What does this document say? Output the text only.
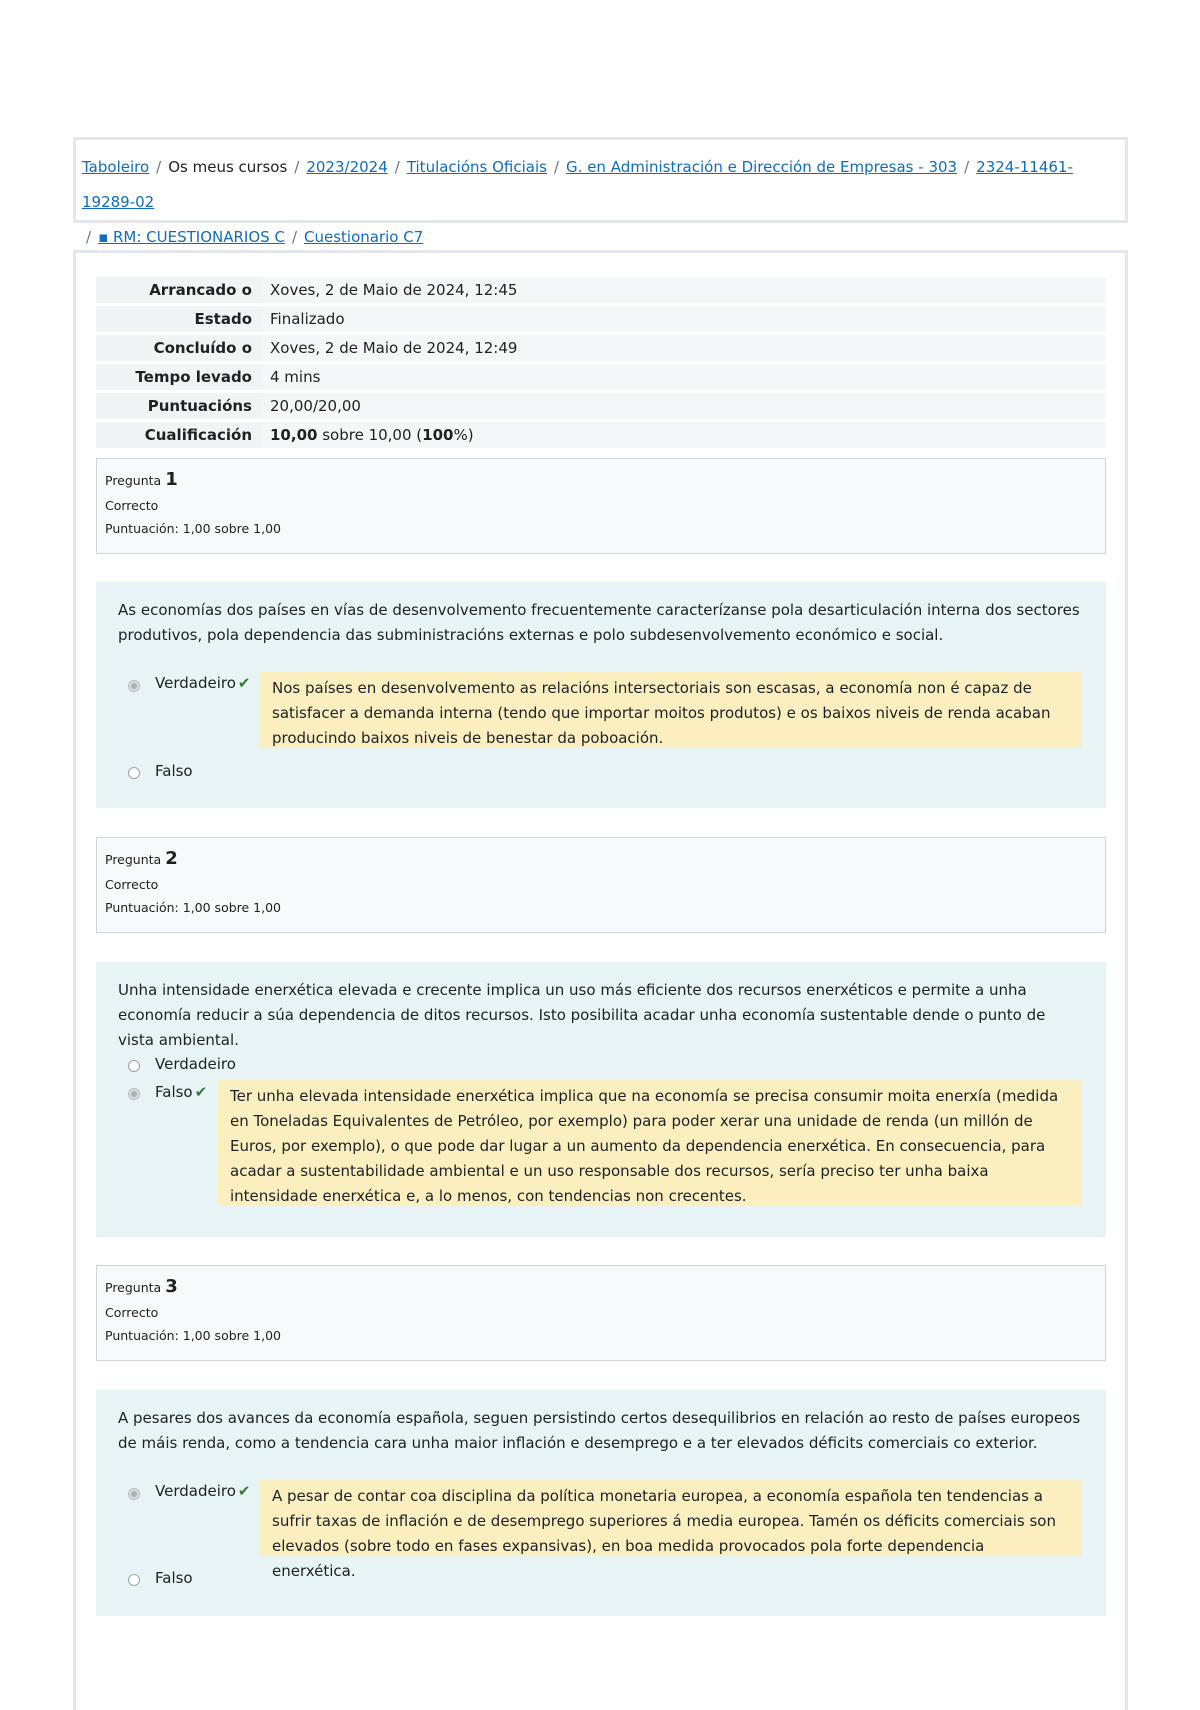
Taboleiro / Os meus cursos / 2023/2024 / Titulacións Oficiais / G. en Administración e Dirección de Empresas - 303 / 2324-11461-19289-02
/ ▪ RM: CUESTIONARIOS C / Cuestionario C7
Arrancado o	Xoves, 2 de Maio de 2024, 12:45
Estado	Finalizado
Concluído o	Xoves, 2 de Maio de 2024, 12:49
Tempo levado	4 mins
Puntuacións	20,00/20,00
Cualificación	10,00 sobre 10,00 (100%)
Pregunta 1
Correcto
Puntuación: 1,00 sobre 1,00
As economías dos países en vías de desenvolvemento frecuentemente caracterízanse pola desarticulación interna dos sectores produtivos, pola dependencia das subministracións externas e polo subdesenvolvemento económico e social.
Verdadeiro ✔	Nos países en desenvolvemento as relacións intersectoriais son escasas, a economía non é capaz de satisfacer a demanda interna (tendo que importar moitos produtos) e os baixos niveis de renda acaban producindo baixos niveis de benestar da poboación.
Falso
Pregunta 2
Correcto
Puntuación: 1,00 sobre 1,00
Unha intensidade enerxética elevada e crecente implica un uso más eficiente dos recursos enerxéticos e permite a unha economía reducir a súa dependencia de ditos recursos. Isto posibilita acadar unha economía sustentable dende o punto de vista ambiental.
Verdadeiro
Falso ✔	Ter unha elevada intensidade enerxética implica que na economía se precisa consumir moita enerxía (medida en Toneladas Equivalentes de Petróleo, por exemplo) para poder xerar una unidade de renda (un millón de Euros, por exemplo), o que pode dar lugar a un aumento da dependencia enerxética. En consecuencia, para acadar a sustentabilidade ambiental e un uso responsable dos recursos, sería preciso ter unha baixa intensidade enerxética e, a lo menos, con tendencias non crecentes.
Pregunta 3
Correcto
Puntuación: 1,00 sobre 1,00
A pesares dos avances da economía española, seguen persistindo certos desequilibrios en relación ao resto de países europeos de máis renda, como a tendencia cara unha maior inflación e desemprego e a ter elevados déficits comerciais co exterior.
Verdadeiro ✔	A pesar de contar coa disciplina da política monetaria europea, a economía española ten tendencias a sufrir taxas de inflación e de desemprego superiores á media europea. Tamén os déficits comerciais son elevados (sobre todo en fases expansivas), en boa medida provocados pola forte dependencia enerxética.
Falso
